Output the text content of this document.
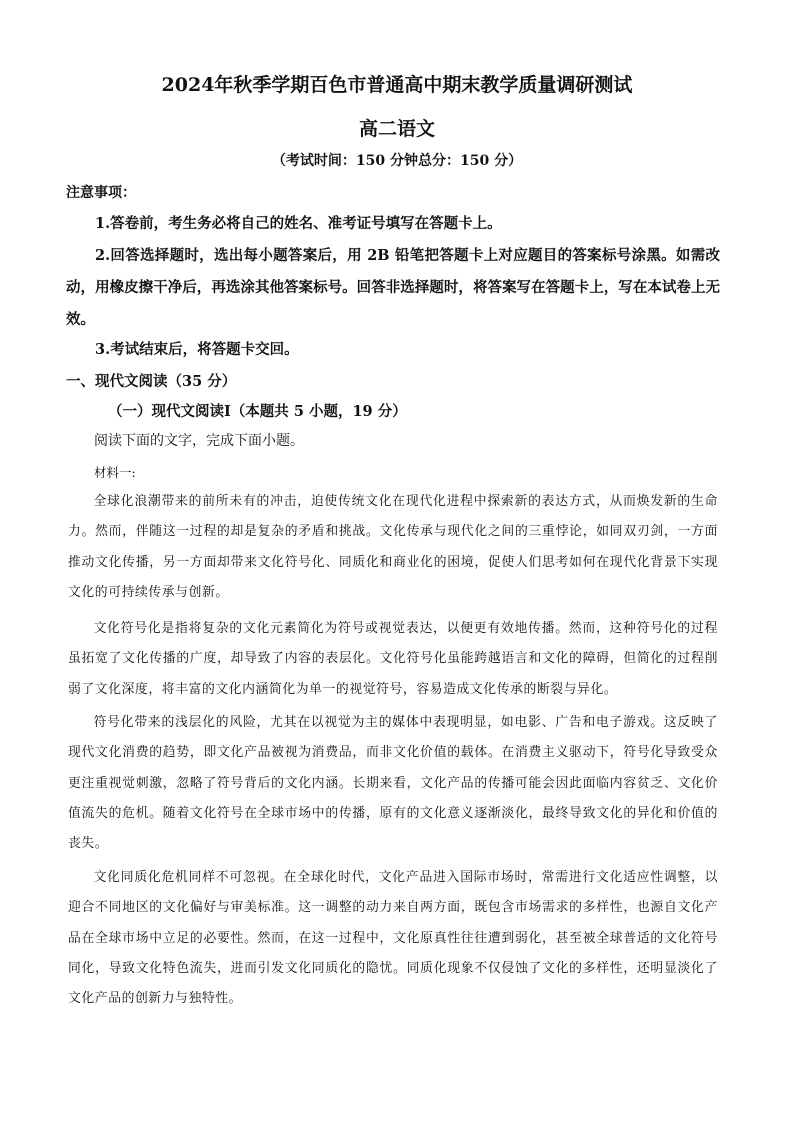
2024年秋季学期百色市普通高中期末教学质量调研测试
高二语文
（考试时间：150 分钟总分：150 分）
注意事项：

1.答卷前，考生务必将自己的姓名、准考证号填写在答题卡上。

2.回答选择题时，选出每小题答案后，用 2B 铅笔把答题卡上对应题目的答案标号涂黑。如需改动，用橡皮擦干净后，再选涂其他答案标号。回答非选择题时，将答案写在答题卡上，写在本试卷上无效。

3.考试结束后，将答题卡交回。

一、现代文阅读（35 分）
（一）现代文阅读Ⅰ（本题共 5 小题，19 分）
阅读下面的文字，完成下面小题。
材料一:

全球化浪潮带来的前所未有的冲击，迫使传统文化在现代化进程中探索新的表达方式，从而焕发新的生命力。然而，伴随这一过程的却是复杂的矛盾和挑战。文化传承与现代化之间的三重悖论，如同双刃剑，一方面推动文化传播，另一方面却带来文化符号化、同质化和商业化的困境，促使人们思考如何在现代化背景下实现文化的可持续传承与创新。

文化符号化是指将复杂的文化元素简化为符号或视觉表达，以便更有效地传播。然而，这种符号化的过程虽拓宽了文化传播的广度，却导致了内容的表层化。文化符号化虽能跨越语言和文化的障碍，但简化的过程削弱了文化深度，将丰富的文化内涵简化为单一的视觉符号，容易造成文化传承的断裂与异化。

符号化带来的浅层化的风险，尤其在以视觉为主的媒体中表现明显，如电影、广告和电子游戏。这反映了现代文化消费的趋势，即文化产品被视为消费品，而非文化价值的载体。在消费主义驱动下，符号化导致受众更注重视觉刺激，忽略了符号背后的文化内涵。长期来看，文化产品的传播可能会因此面临内容贫乏、文化价值流失的危机。随着文化符号在全球市场中的传播，原有的文化意义逐渐淡化，最终导致文化的异化和价值的丧失。

文化同质化危机同样不可忽视。在全球化时代，文化产品进入国际市场时，常需进行文化适应性调整，以迎合不同地区的文化偏好与审美标准。这一调整的动力来自两方面，既包含市场需求的多样性，也源自文化产品在全球市场中立足的必要性。然而，在这一过程中，文化原真性往往遭到弱化，甚至被全球普适的文化符号同化，导致文化特色流失，进而引发文化同质化的隐忧。同质化现象不仅侵蚀了文化的多样性，还明显淡化了文化产品的创新力与独特性。
